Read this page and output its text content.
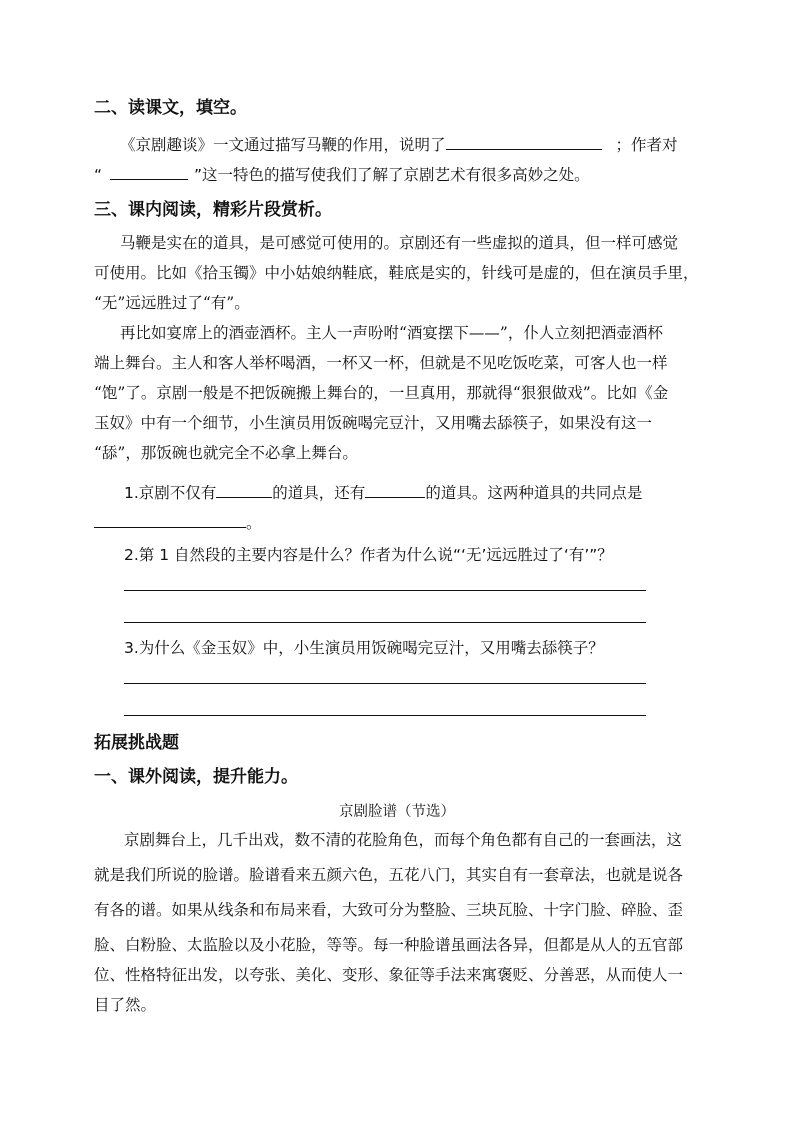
二、读课文，填空。
《京剧趣谈》一文通过描写马鞭的作用，说明了	；作者对
“	”这一特色的描写使我们了解了京剧艺术有很多高妙之处。
三、课内阅读，精彩片段赏析。
马鞭是实在的道具，是可感觉可使用的。京剧还有一些虚拟的道具，但一样可感觉
可使用。比如《拾玉镯》中小姑娘纳鞋底，鞋底是实的，针线可是虚的，但在演员手里，
“无”远远胜过了“有”。
再比如宴席上的酒壶酒杯。主人一声吩咐“酒宴摆下——”，仆人立刻把酒壶酒杯
端上舞台。主人和客人举杯喝酒，一杯又一杯，但就是不见吃饭吃菜，可客人也一样
“饱”了。京剧一般是不把饭碗搬上舞台的，一旦真用，那就得“狠狠做戏”。比如《金
玉奴》中有一个细节，小生演员用饭碗喝完豆汁，又用嘴去舔筷子，如果没有这一
“舔”，那饭碗也就完全不必拿上舞台。
1.京剧不仅有	的道具，还有	的道具。这两种道具的共同点是
。
2.第 1 自然段的主要内容是什么？作者为什么说“‘无’远远胜过了‘有’”？
3.为什么《金玉奴》中，小生演员用饭碗喝完豆汁，又用嘴去舔筷子？
拓展挑战题
一、课外阅读，提升能力。
京剧脸谱（节选）
京剧舞台上，几千出戏，数不清的花脸角色，而每个角色都有自己的一套画法，这
就是我们所说的脸谱。脸谱看来五颜六色，五花八门，其实自有一套章法，也就是说各
有各的谱。如果从线条和布局来看，大致可分为整脸、三块瓦脸、十字门脸、碎脸、歪
脸、白粉脸、太监脸以及小花脸，等等。每一种脸谱虽画法各异，但都是从人的五官部
位、性格特征出发，以夸张、美化、变形、象征等手法来寓褒贬、分善恶，从而使人一
目了然。
